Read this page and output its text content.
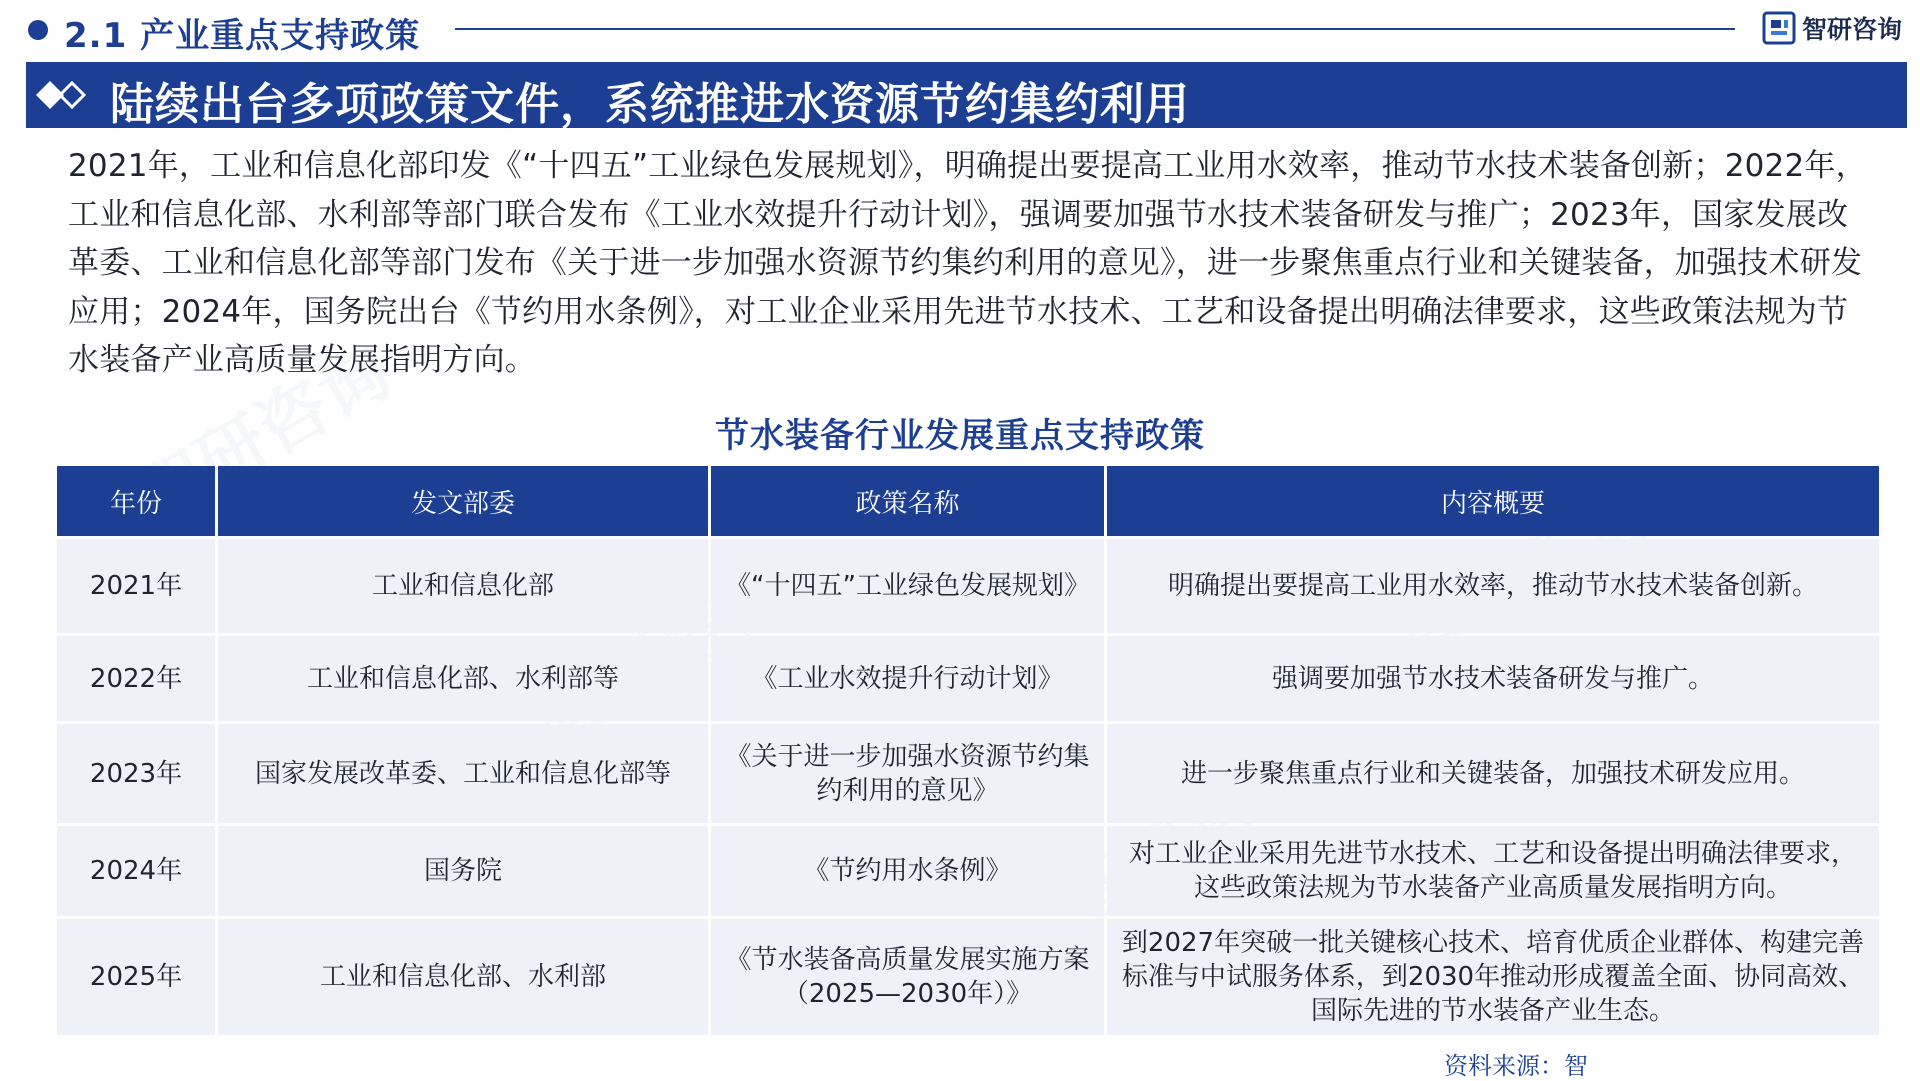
2.1 产业重点支持政策	智研咨询
陆续出台多项政策文件，系统推进水资源节约集约利用
2021年，工业和信息化部印发《“十四五”工业绿色发展规划》，明确提出要提高工业用水效率，推动节水技术装备创新；2022年，工业和信息化部、水利部等部门联合发布《工业水效提升行动计划》，强调要加强节水技术装备研发与推广；2023年，国家发展改革委、工业和信息化部等部门发布《关于进一步加强水资源节约集约利用的意见》，进一步聚焦重点行业和关键装备，加强技术研发应用；2024年，国务院出台《节约用水条例》，对工业企业采用先进节水技术、工艺和设备提出明确法律要求，这些政策法规为节水装备产业高质量发展指明方向。
节水装备行业发展重点支持政策
年份	发文部委	政策名称	内容概要
2021年	工业和信息化部	《“十四五”工业绿色发展规划》	明确提出要提高工业用水效率，推动节水技术装备创新。
2022年	工业和信息化部、水利部等	《工业水效提升行动计划》	强调要加强节水技术装备研发与推广。
2023年	国家发展改革委、工业和信息化部等	《关于进一步加强水资源节约集约利用的意见》	进一步聚焦重点行业和关键装备，加强技术研发应用。
2024年	国务院	《节约用水条例》	对工业企业采用先进节水技术、工艺和设备提出明确法律要求，这些政策法规为节水装备产业高质量发展指明方向。
2025年	工业和信息化部、水利部	《节水装备高质量发展实施方案（2025—2030年）》	到2027年突破一批关键核心技术、培育优质企业群体、构建完善标准与中试服务体系，到2030年推动形成覆盖全面、协同高效、国际先进的节水装备产业生态。
资料来源：智
